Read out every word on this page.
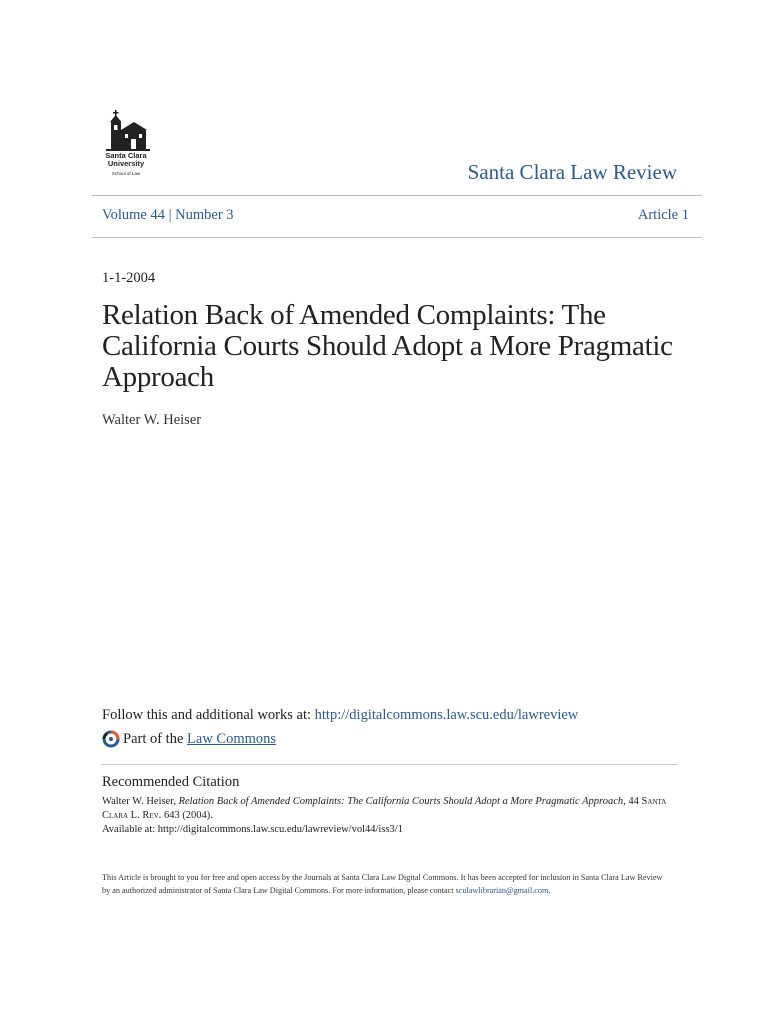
Santa Clara
University
School of Law	Santa Clara Law Review
Volume 44 | Number 3	Article 1
1-1-2004
Relation Back of Amended Complaints: The California Courts Should Adopt a More Pragmatic Approach
Walter W. Heiser
Follow this and additional works at: http://digitalcommons.law.scu.edu/lawreview
Part of the Law Commons
Recommended Citation
Walter W. Heiser, Relation Back of Amended Complaints: The California Courts Should Adopt a More Pragmatic Approach, 44 Santa Clara L. Rev. 643 (2004).
Available at: http://digitalcommons.law.scu.edu/lawreview/vol44/iss3/1
This Article is brought to you for free and open access by the Journals at Santa Clara Law Digital Commons. It has been accepted for inclusion in Santa Clara Law Review by an authorized administrator of Santa Clara Law Digital Commons. For more information, please contact sculawlibrarian@gmail.com.
